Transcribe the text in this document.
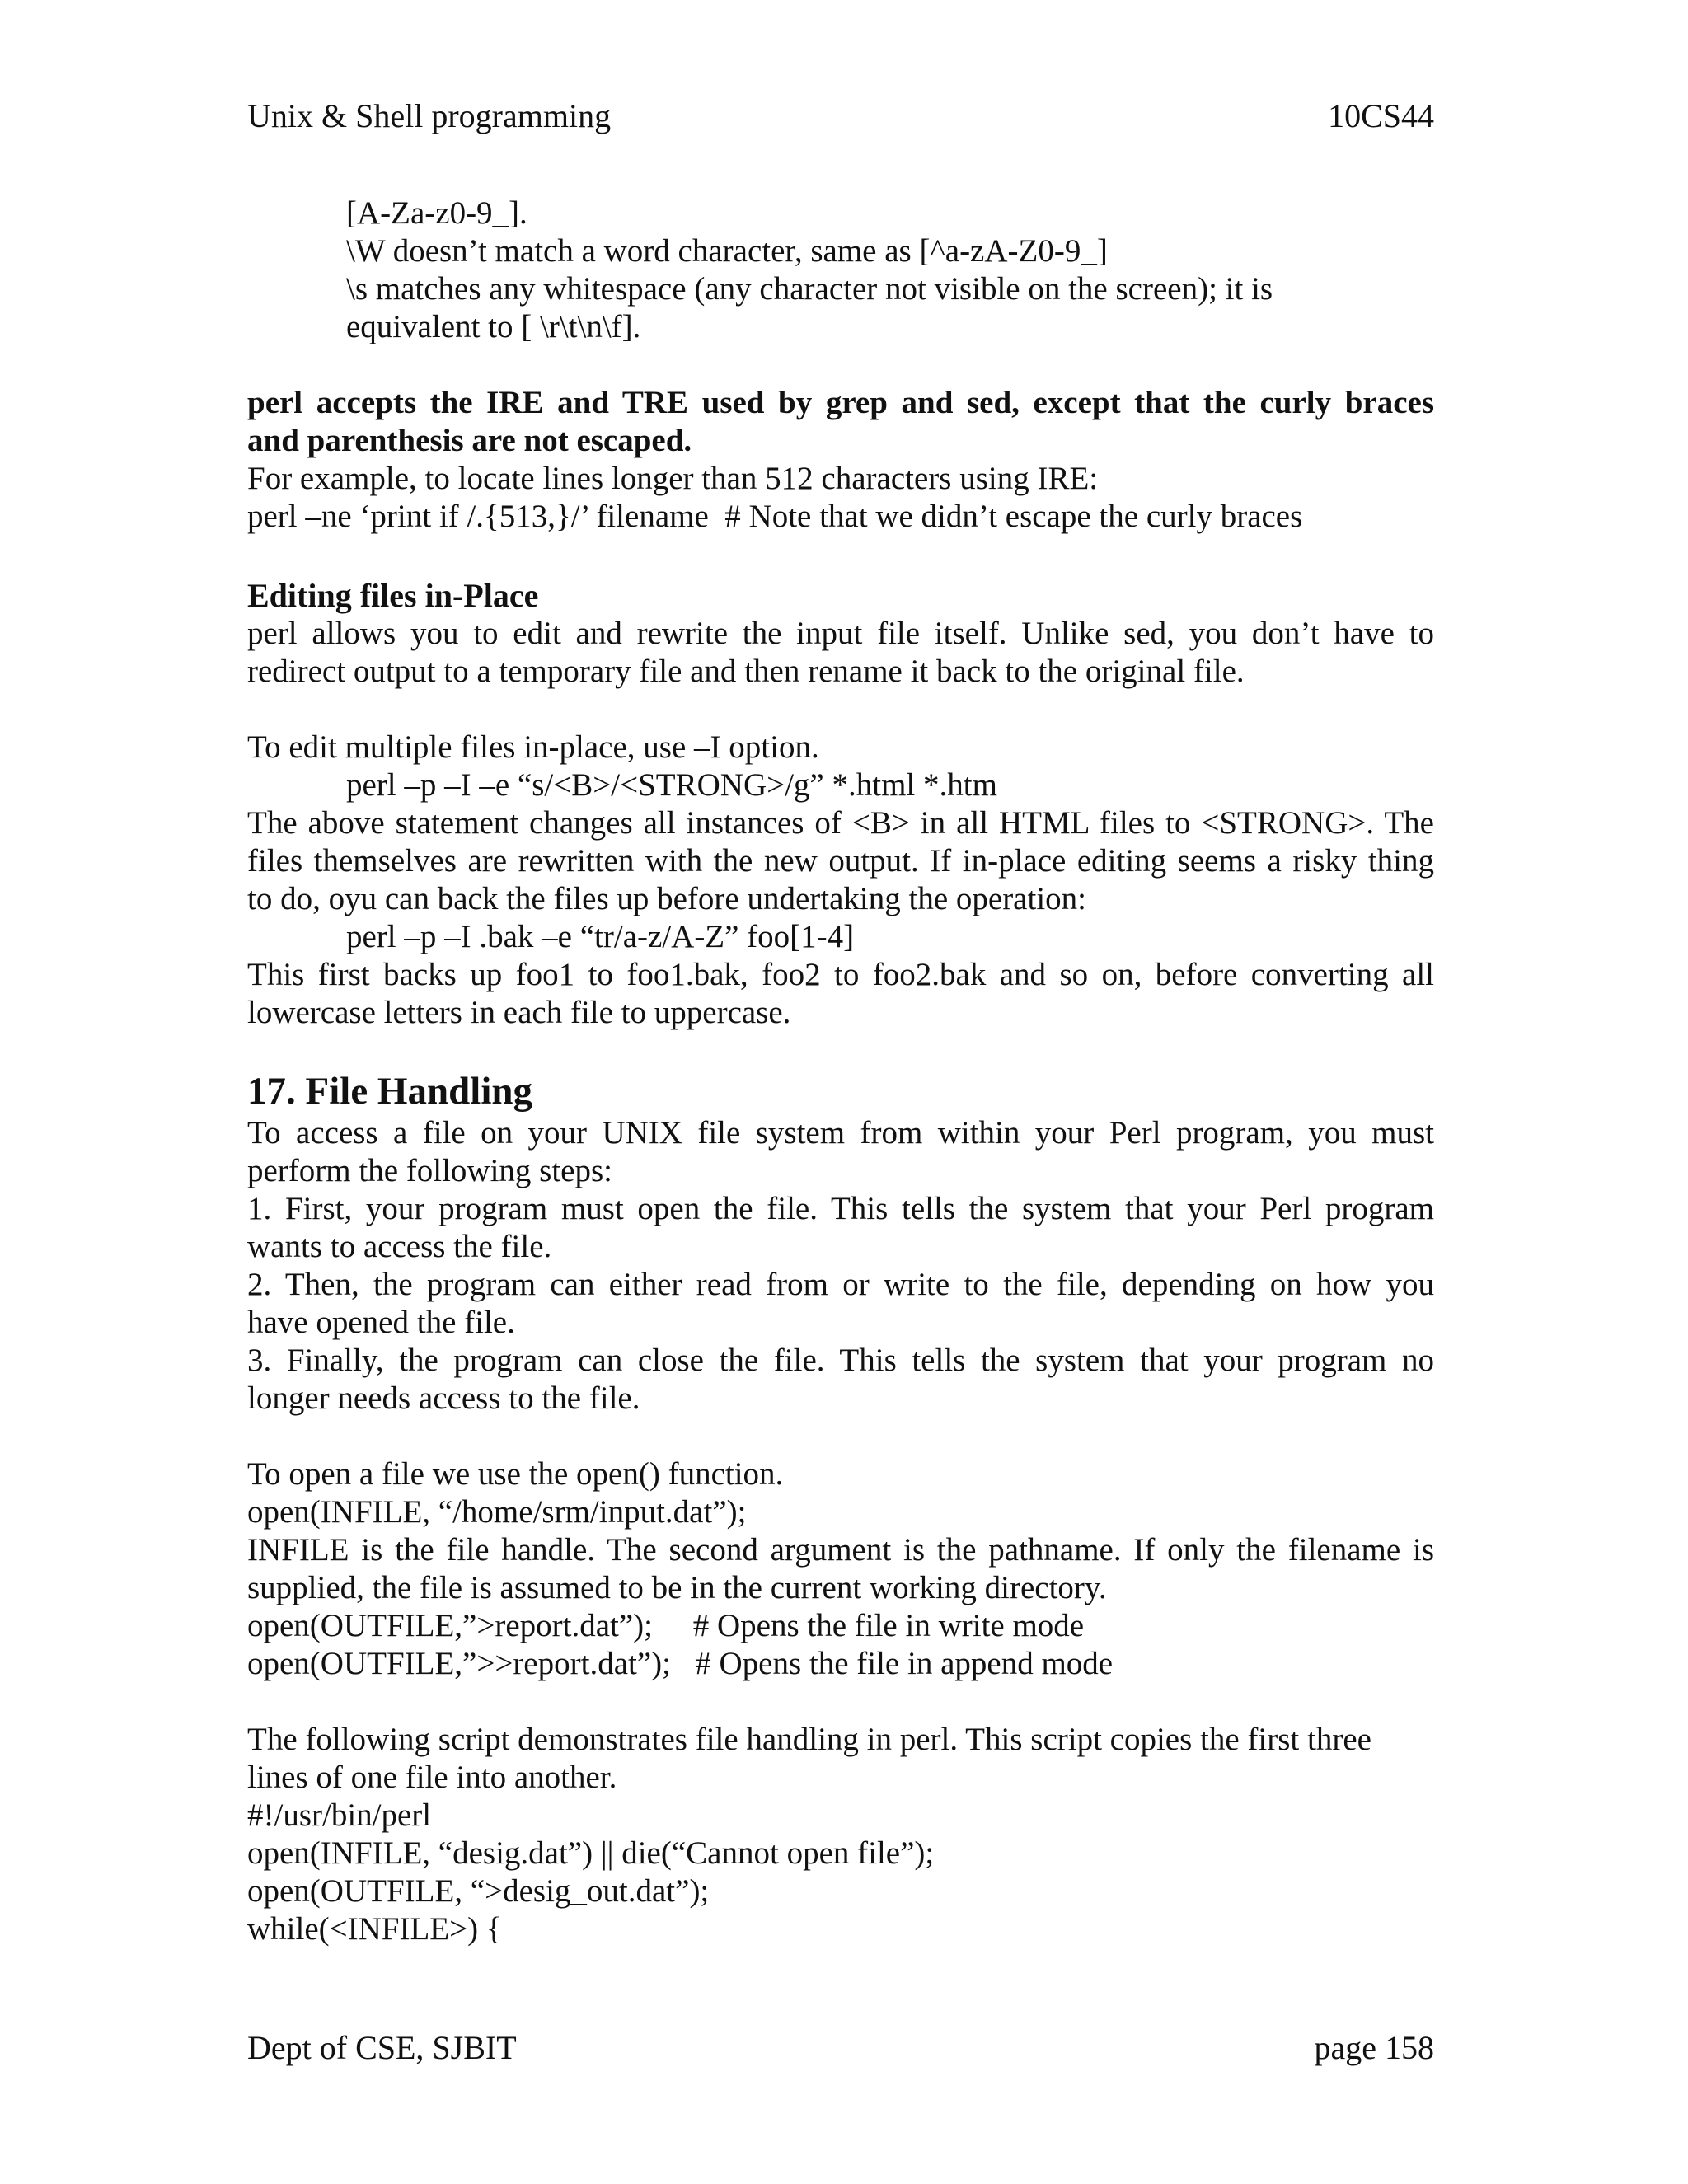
Unix & Shell programming	10CS44
[A-Za-z0-9_].
\W doesn’t match a word character, same as [^a-zA-Z0-9_]
\s matches any whitespace (any character not visible on the screen); it is
equivalent to [ \r\t\n\f].
perl accepts the IRE and TRE used by grep and sed, except that the curly braces
and parenthesis are not escaped.
For example, to locate lines longer than 512 characters using IRE:
perl –ne ‘print if /.{513,}/’ filename  # Note that we didn’t escape the curly braces
Editing files in-Place
perl allows you to edit and rewrite the input file itself. Unlike sed, you don’t have to
redirect output to a temporary file and then rename it back to the original file.
To edit multiple files in-place, use –I option.
perl –p –I –e “s/<B>/<STRONG>/g” *.html *.htm
The above statement changes all instances of <B> in all HTML files to <STRONG>. The
files themselves are rewritten with the new output. If in-place editing seems a risky thing
to do, oyu can back the files up before undertaking the operation:
perl –p –I .bak –e “tr/a-z/A-Z” foo[1-4]
This first backs up foo1 to foo1.bak, foo2 to foo2.bak and so on, before converting all
lowercase letters in each file to uppercase.
17. File Handling
To access a file on your UNIX file system from within your Perl program, you must
perform the following steps:
1. First, your program must open the file. This tells the system that your Perl program
wants to access the file.
2. Then, the program can either read from or write to the file, depending on how you
have opened the file.
3. Finally, the program can close the file. This tells the system that your program no
longer needs access to the file.
To open a file we use the open() function.
open(INFILE, “/home/srm/input.dat”);
INFILE is the file handle. The second argument is the pathname. If only the filename is
supplied, the file is assumed to be in the current working directory.
open(OUTFILE,”>report.dat”);     # Opens the file in write mode
open(OUTFILE,”>>report.dat”);   # Opens the file in append mode
The following script demonstrates file handling in perl. This script copies the first three
lines of one file into another.
#!/usr/bin/perl
open(INFILE, “desig.dat”) || die(“Cannot open file”);
open(OUTFILE, “>desig_out.dat”);
while(<INFILE>) {
Dept of CSE, SJBIT	page 158
